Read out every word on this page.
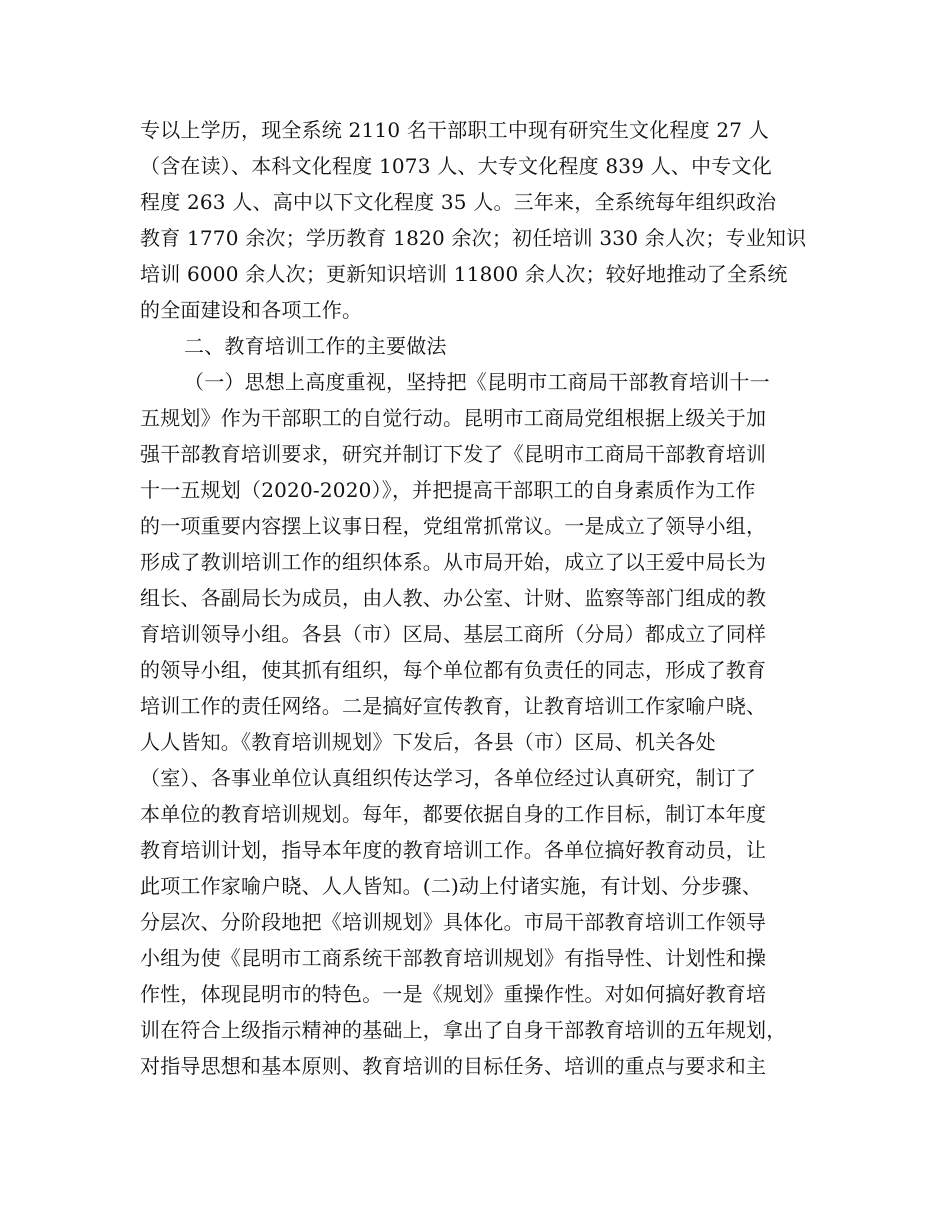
专以上学历，现全系统 2110 名干部职工中现有研究生文化程度 27 人
（含在读）、本科文化程度 1073 人、大专文化程度 839 人、中专文化
程度 263 人、高中以下文化程度 35 人。三年来，全系统每年组织政治
教育 1770 余次；学历教育 1820 余次；初任培训 330 余人次；专业知识
培训 6000 余人次；更新知识培训 11800 余人次；较好地推动了全系统
的全面建设和各项工作。
二、教育培训工作的主要做法
（一）思想上高度重视，坚持把《昆明市工商局干部教育培训十一
五规划》作为干部职工的自觉行动。昆明市工商局党组根据上级关于加
强干部教育培训要求，研究并制订下发了《昆明市工商局干部教育培训
十一五规划（2020-2020）》，并把提高干部职工的自身素质作为工作
的一项重要内容摆上议事日程，党组常抓常议。一是成立了领导小组，
形成了教训培训工作的组织体系。从市局开始，成立了以王爱中局长为
组长、各副局长为成员，由人教、办公室、计财、监察等部门组成的教
育培训领导小组。各县（市）区局、基层工商所（分局）都成立了同样
的领导小组，使其抓有组织，每个单位都有负责任的同志，形成了教育
培训工作的责任网络。二是搞好宣传教育，让教育培训工作家喻户晓、
人人皆知。《教育培训规划》下发后，各县（市）区局、机关各处
（室）、各事业单位认真组织传达学习，各单位经过认真研究，制订了
本单位的教育培训规划。每年，都要依据自身的工作目标，制订本年度
教育培训计划，指导本年度的教育培训工作。各单位搞好教育动员，让
此项工作家喻户晓、人人皆知。(二)动上付诸实施，有计划、分步骤、
分层次、分阶段地把《培训规划》具体化。市局干部教育培训工作领导
小组为使《昆明市工商系统干部教育培训规划》有指导性、计划性和操
作性，体现昆明市的特色。一是《规划》重操作性。对如何搞好教育培
训在符合上级指示精神的基础上，拿出了自身干部教育培训的五年规划，
对指导思想和基本原则、教育培训的目标任务、培训的重点与要求和主
